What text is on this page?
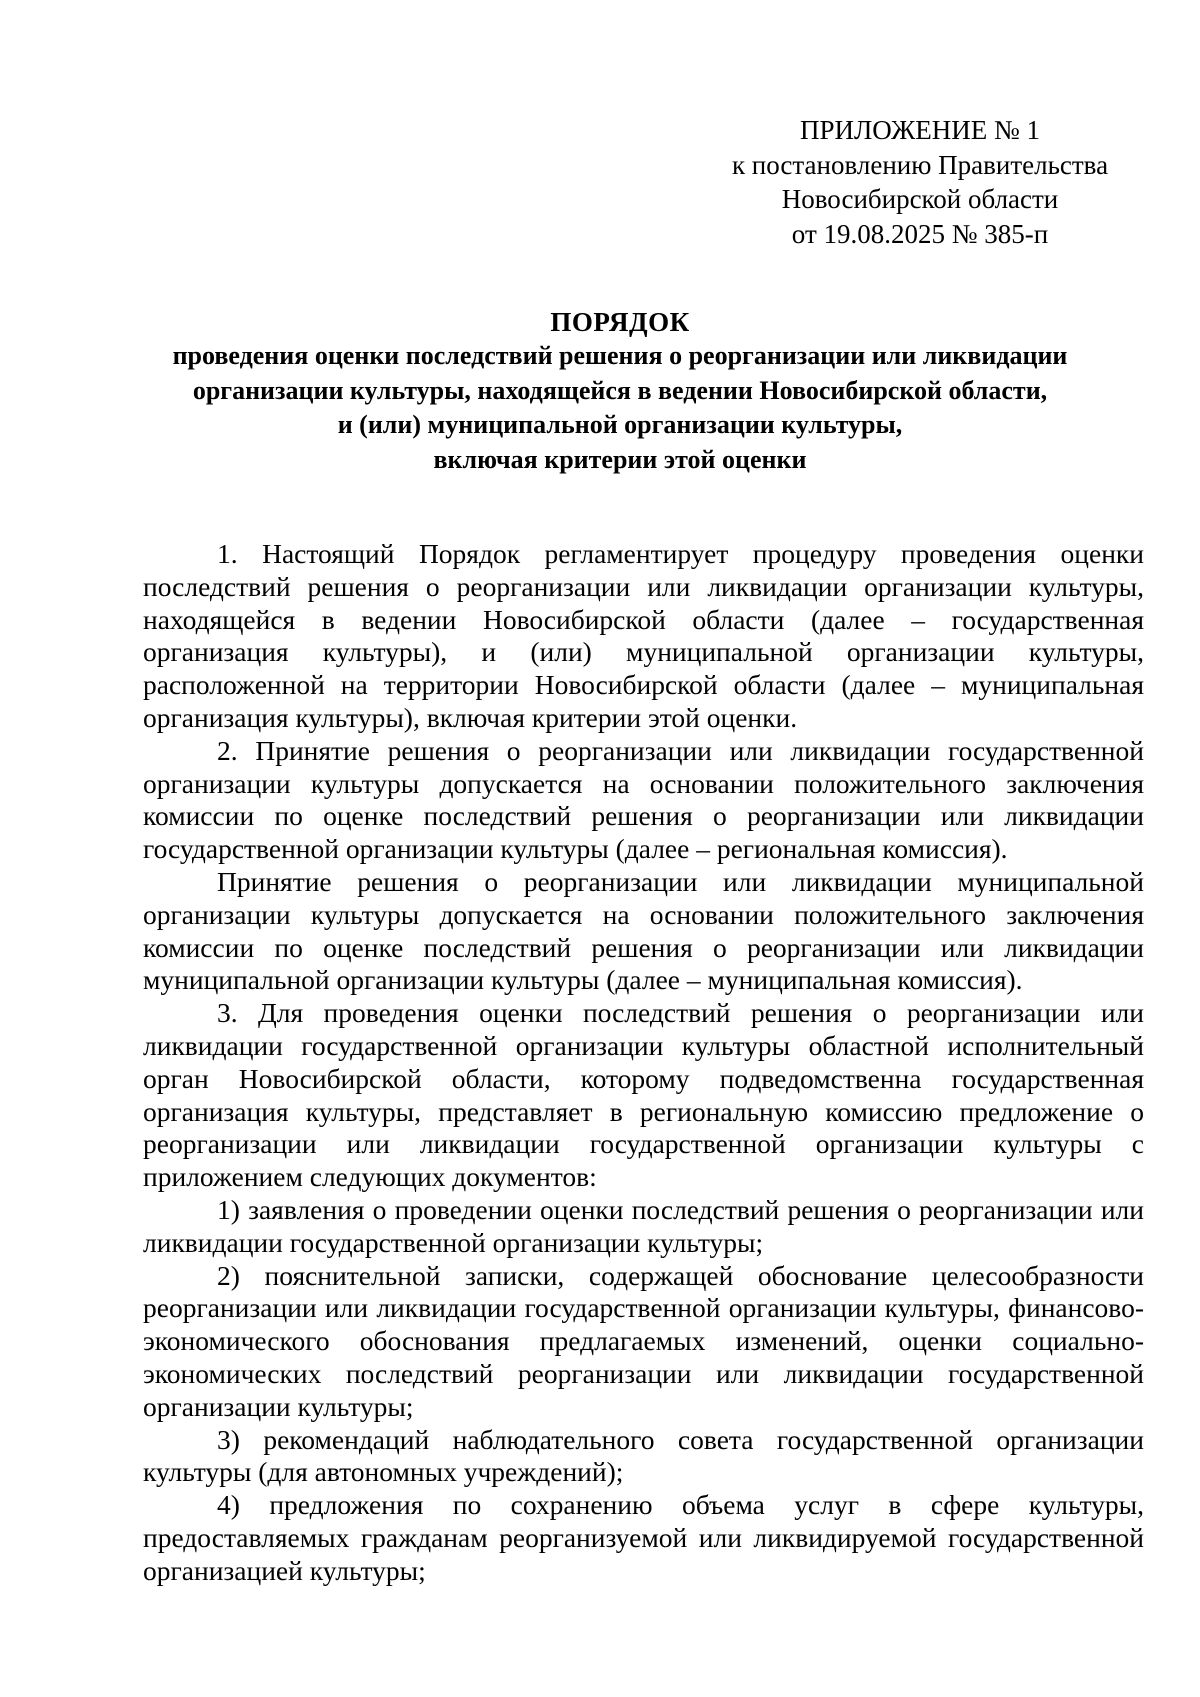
ПРИЛОЖЕНИЕ № 1
к постановлению Правительства
Новосибирской области
от 19.08.2025 № 385-п
ПОРЯДОК
проведения оценки последствий решения о реорганизации или ликвидации
организации культуры, находящейся в ведении Новосибирской области,
и (или) муниципальной организации культуры,
включая критерии этой оценки

1. Настоящий Порядок регламентирует процедуру проведения оценки последствий решения о реорганизации или ликвидации организации культуры, находящейся в ведении Новосибирской области (далее – государственная организация культуры), и (или) муниципальной организации культуры, расположенной на территории Новосибирской области (далее – муниципальная организация культуры), включая критерии этой оценки.

2. Принятие решения о реорганизации или ликвидации государственной организации культуры допускается на основании положительного заключения комиссии по оценке последствий решения о реорганизации или ликвидации государственной организации культуры (далее – региональная комиссия).

Принятие решения о реорганизации или ликвидации муниципальной организации культуры допускается на основании положительного заключения комиссии по оценке последствий решения о реорганизации или ликвидации муниципальной организации культуры (далее – муниципальная комиссия).

3. Для проведения оценки последствий решения о реорганизации или ликвидации государственной организации культуры областной исполнительный орган Новосибирской области, которому подведомственна государственная организация культуры, представляет в региональную комиссию предложение о реорганизации или ликвидации государственной организации культуры с приложением следующих документов:

1) заявления о проведении оценки последствий решения о реорганизации или ликвидации государственной организации культуры;

2) пояснительной записки, содержащей обоснование целесообразности реорганизации или ликвидации государственной организации культуры, финансово-экономического обоснования предлагаемых изменений, оценки социально-экономических последствий реорганизации или ликвидации государственной организации культуры;

3) рекомендаций наблюдательного совета государственной организации культуры (для автономных учреждений);

4) предложения по сохранению объема услуг в сфере культуры, предоставляемых гражданам реорганизуемой или ликвидируемой государственной организацией культуры;
